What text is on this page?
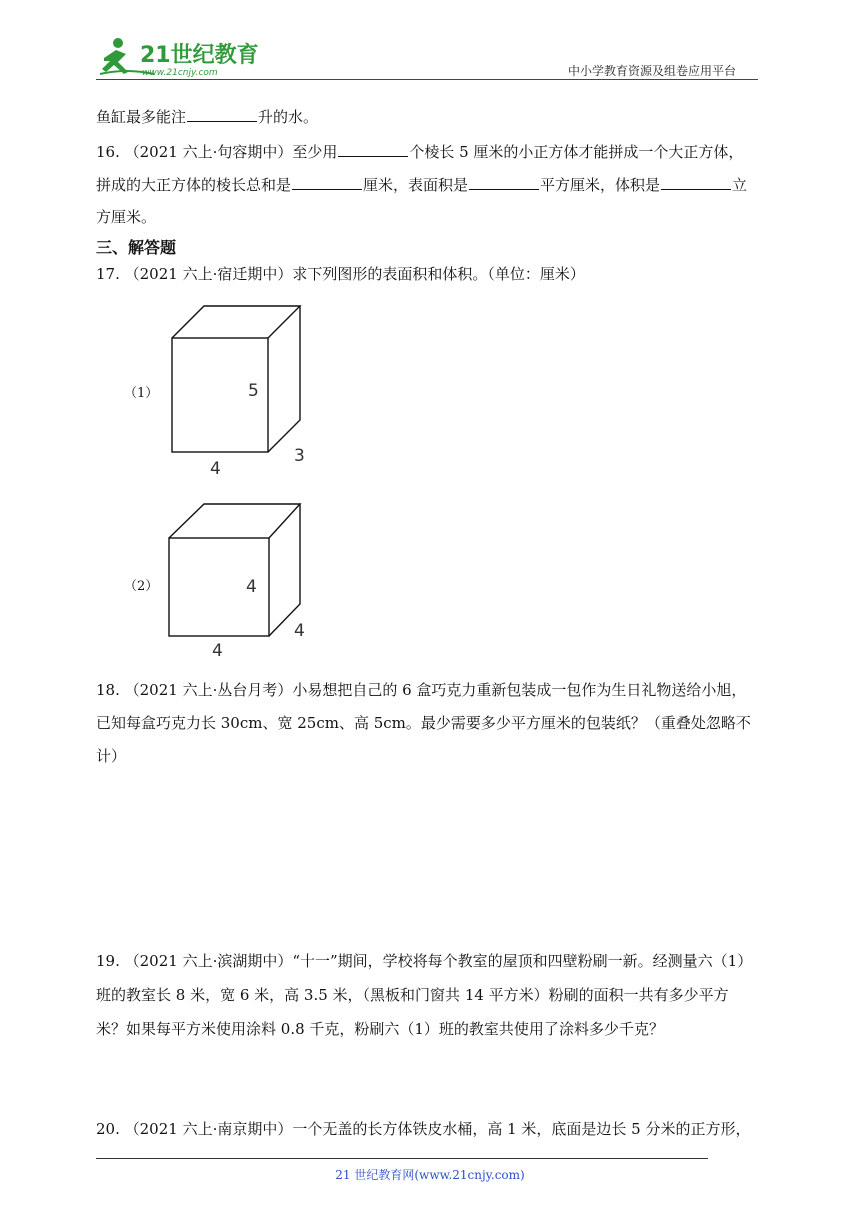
21世纪教育
www.21cnjy.com	中小学教育资源及组卷应用平台
鱼缸最多能注	升的水。
16. （2021 六上·句容期中）至少用	个棱长 5 厘米的小正方体才能拼成一个大正方体，
拼成的大正方体的棱长总和是	厘米，表面积是	平方厘米，体积是	立
方厘米。
三、解答题
17. （2021 六上·宿迁期中）求下列图形的表面积和体积。（单位：厘米）
（1）	5
4
3
（2）	4
4
4
18. （2021 六上·丛台月考）小易想把自己的 6 盒巧克力重新包装成一包作为生日礼物送给小旭，
已知每盒巧克力长 30cm、宽 25cm、高 5cm。最少需要多少平方厘米的包装纸？（重叠处忽略不
计）
19. （2021 六上·滨湖期中）“十一”期间，学校将每个教室的屋顶和四壁粉刷一新。经测量六（1）
班的教室长 8 米，宽 6 米，高 3.5 米，（黑板和门窗共 14 平方米）粉刷的面积一共有多少平方
米？如果每平方米使用涂料 0.8 千克，粉刷六（1）班的教室共使用了涂料多少千克？
20. （2021 六上·南京期中）一个无盖的长方体铁皮水桶，高 1 米，底面是边长 5 分米的正方形，
21 世纪教育网(www.21cnjy.com)
